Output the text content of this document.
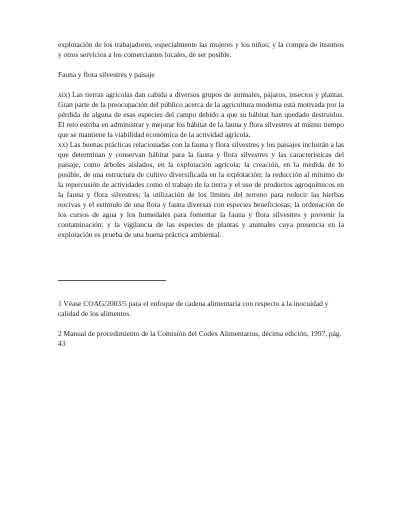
explotación de los trabajadores, especialmente las mujeres y los niños; y la compra de insumos y otros servicios a los comerciantes locales, de ser posible.

Fauna y flora silvestres y paisaje

xix) Las tierras agrícolas dan cabida a diversos grupos de animales, pájaros, insectos y plantas. Gran parte de la preocupación del público acerca de la agricultura moderna está motivada por la pérdida de alguna de esas especies del campo debido a que su hábitat han quedado destruidos. El reto estriba en administrar y mejorar los hábitat de la fauna y flora silvestres al mismo tiempo que se mantiene la viabilidad económica de la actividad agrícola.

xx) Las buenas prácticas relacionadas con la fauna y flora silvestres y los paisajes incluirán a las que determinan y conservan hábitat para la fauna y flora silvestres y las características del paisaje, como árboles aislados, en la explotación agrícola; la creación, en la medida de lo posible, de una estructura de cultivo diversificada en la explotación; la reducción al mínimo de la repercusión de actividades como el trabajo de la tierra y el uso de productos agroquímicos en la fauna y flora silvestres; la utilización de los límites del terreno para reducir las hierbas nocivas y el estímulo de una flora y fauna diversas con especies beneficiosas; la ordenación de los cursos de agua y los humedales para fomentar la fauna y flora silvestres y prevenir la contaminación; y la vigilancia de las especies de plantas y animales cuya presencia en la explotación es prueba de una buena práctica ambiental.

1 Véase COAG/2003/5 para el enfoque de cadena alimentaria con respecto a la inocuidad y calidad de los alimentos.

2 Manual de procedimiento de la Comisión del Codex Alimentarius, décima edición, 1997, pág. 43
